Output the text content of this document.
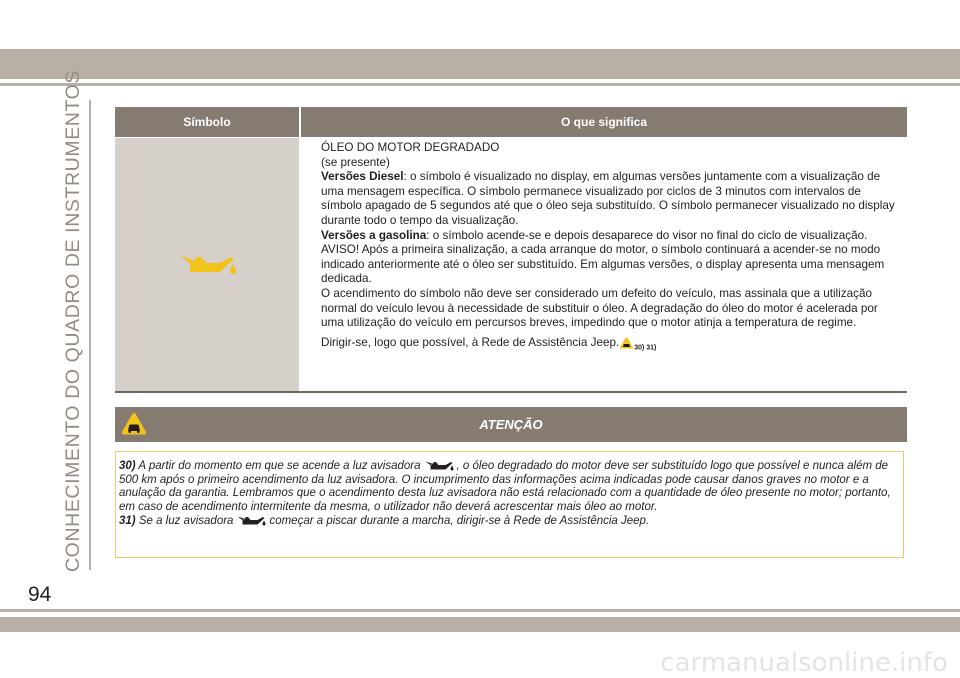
CONHECIMENTO DO QUADRO DE INSTRUMENTOS	Símbolo	O que significa

ÓLEO DO MOTOR DEGRADADO

(se presente)

Versões Diesel: o símbolo é visualizado no display, em algumas versões juntamente com a visualização de uma mensagem específica. O símbolo permanece visualizado por ciclos de 3 minutos com intervalos de símbolo apagado de 5 segundos até que o óleo seja substituído. O símbolo permanecer visualizado no display durante todo o tempo da visualização.

Versões a gasolina: o símbolo acende-se e depois desaparece do visor no final do ciclo de visualização. AVISO! Após a primeira sinalização, a cada arranque do motor, o símbolo continuará a acender-se no modo indicado anteriormente até o óleo ser substituído. Em algumas versões, o display apresenta uma mensagem dedicada.

O acendimento do símbolo não deve ser considerado um defeito do veículo, mas assinala que a utilização normal do veículo levou à necessidade de substituir o óleo. A degradação do óleo do motor é acelerada por uma utilização do veículo em percursos breves, impedindo que o motor atinja a temperatura de regime.

Dirigir-se, logo que possível, à Rede de Assistência Jeep. $_{30) 31)}$

ATENÇÃO

30) A partir do momento em que se acende a luz avisadora	, o óleo degradado do motor deve ser substituído logo que possível e nunca além de 500 km após o primeiro acendimento da luz avisadora. O incumprimento das informações acima indicadas pode causar danos graves no motor e a anulação da garantia. Lembramos que o acendimento desta luz avisadora não está relacionado com a quantidade de óleo presente no motor; portanto, em caso de acendimento intermitente da mesma, o utilizador não deverá acrescentar mais óleo ao motor.

31) Se a luz avisadora	começar a piscar durante a marcha, dirigir-se à Rede de Assistência Jeep.

94
carmanualsonline.info
